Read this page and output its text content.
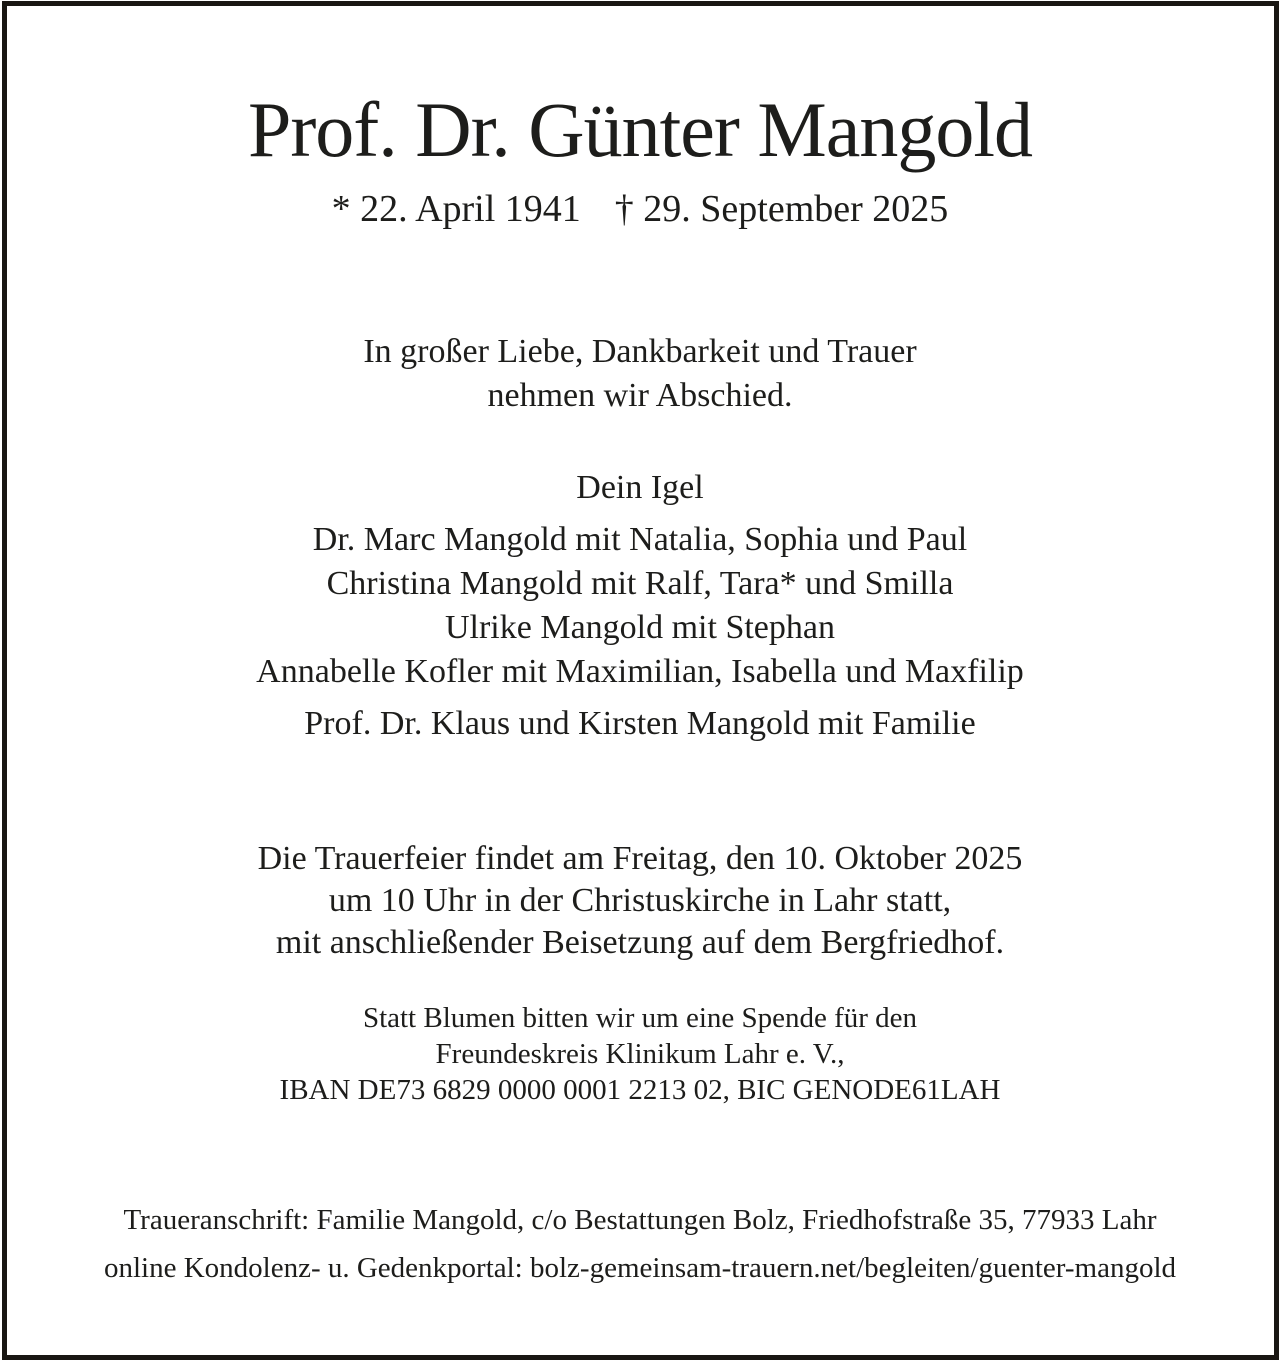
Prof. Dr. Günter Mangold
* 22. April 1941 † 29. September 2025
In großer Liebe, Dankbarkeit und Trauer
nehmen wir Abschied.
Dein Igel
Dr. Marc Mangold mit Natalia, Sophia und Paul
Christina Mangold mit Ralf, Tara* und Smilla
Ulrike Mangold mit Stephan
Annabelle Kofler mit Maximilian, Isabella und Maxfilip
Prof. Dr. Klaus und Kirsten Mangold mit Familie
Die Trauerfeier findet am Freitag, den 10. Oktober 2025
um 10 Uhr in der Christuskirche in Lahr statt,
mit anschließender Beisetzung auf dem Bergfriedhof.
Statt Blumen bitten wir um eine Spende für den
Freundeskreis Klinikum Lahr e. V.,
IBAN DE73 6829 0000 0001 2213 02, BIC GENODE61LAH
Traueranschrift: Familie Mangold, c/o Bestattungen Bolz, Friedhofstraße 35, 77933 Lahr
online Kondolenz- u. Gedenkportal: bolz-gemeinsam-trauern.net/begleiten/guenter-mangold
